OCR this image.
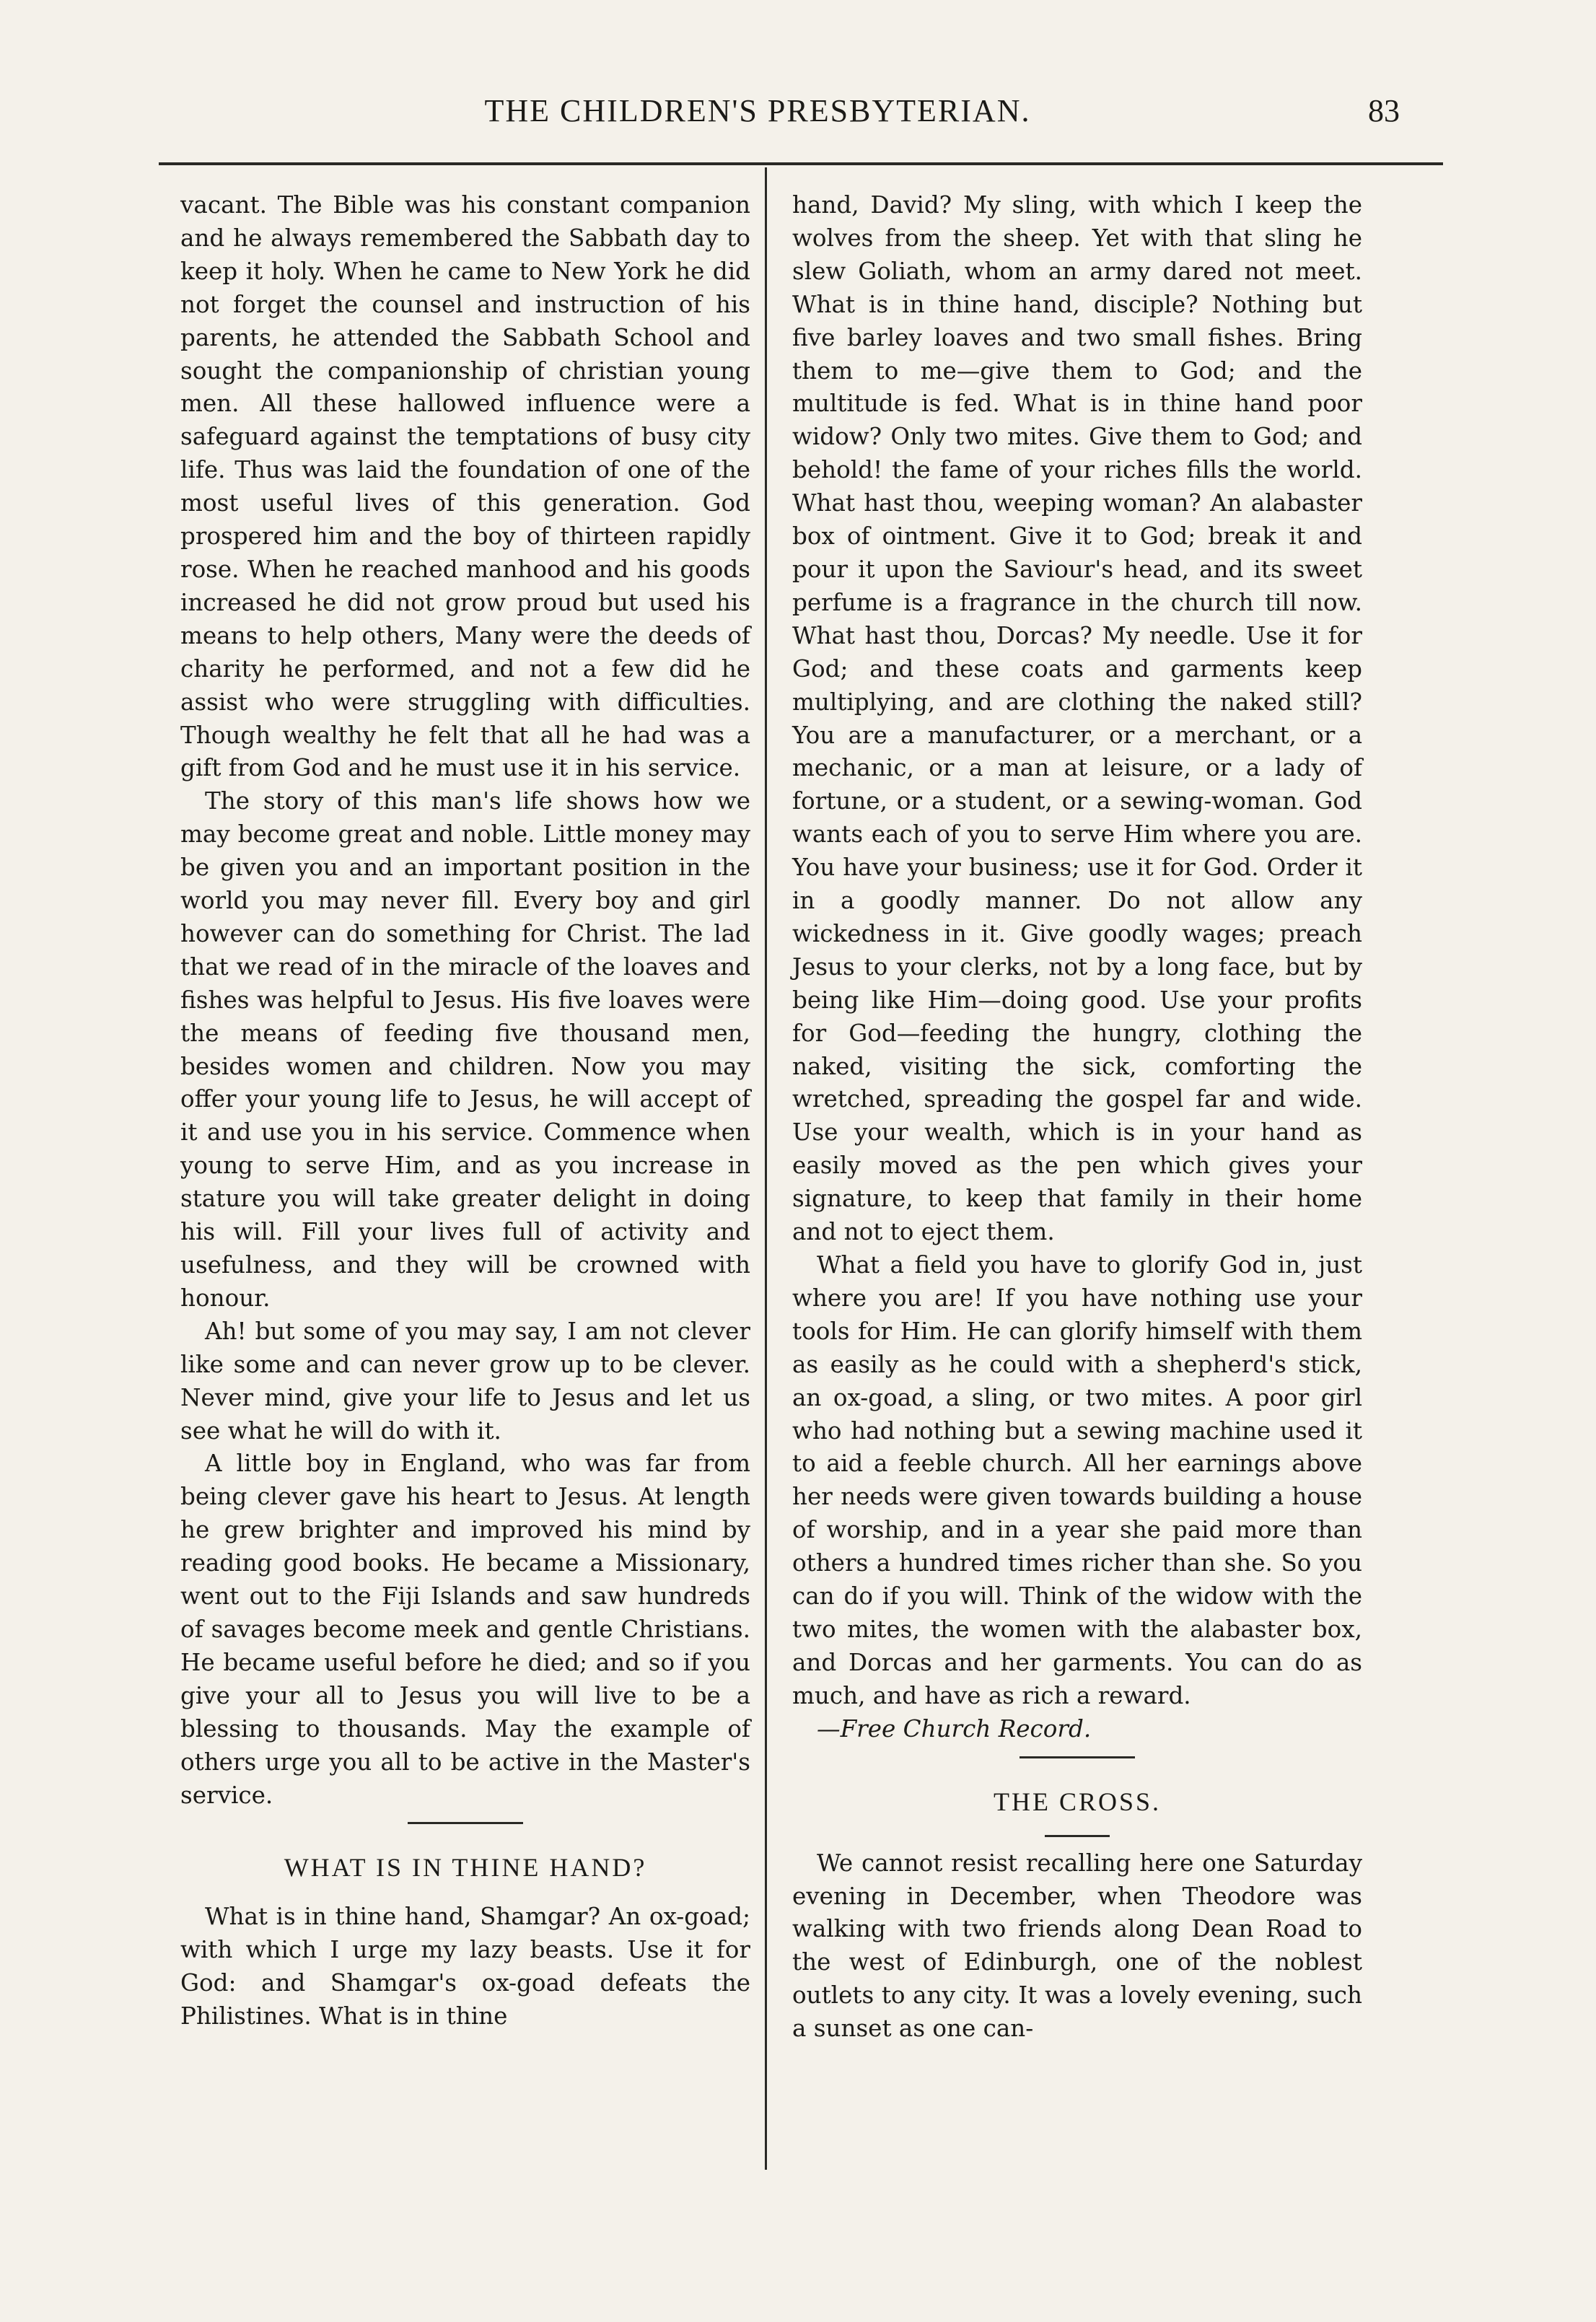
THE CHILDREN'S PRESBYTERIAN.	83

vacant. The Bible was his constant companion and he always remembered the Sabbath day to keep it holy. When he came to New York he did not forget the counsel and instruction of his parents, he attended the Sabbath School and sought the companionship of christian young men. All these hallowed influence were a safeguard against the temptations of busy city life. Thus was laid the foundation of one of the most useful lives of this generation. God prospered him and the boy of thirteen rapidly rose. When he reached manhood and his goods increased he did not grow proud but used his means to help others, Many were the deeds of charity he performed, and not a few did he assist who were struggling with difficulties. Though wealthy he felt that all he had was a gift from God and he must use it in his service.

The story of this man's life shows how we may become great and noble. Little money may be given you and an important position in the world you may never fill. Every boy and girl however can do something for Christ. The lad that we read of in the miracle of the loaves and fishes was helpful to Jesus. His five loaves were the means of feeding five thousand men, besides women and children. Now you may offer your young life to Jesus, he will accept of it and use you in his service. Commence when young to serve Him, and as you increase in stature you will take greater delight in doing his will. Fill your lives full of activity and usefulness, and they will be crowned with honour.

Ah! but some of you may say, I am not clever like some and can never grow up to be clever. Never mind, give your life to Jesus and let us see what he will do with it.

A little boy in England, who was far from being clever gave his heart to Jesus. At length he grew brighter and improved his mind by reading good books. He became a Missionary, went out to the Fiji Islands and saw hundreds of savages become meek and gentle Christians. He became useful before he died; and so if you give your all to Jesus you will live to be a blessing to thousands. May the example of others urge you all to be active in the Master's service.

WHAT IS IN THINE HAND?

What is in thine hand, Shamgar? An ox-goad; with which I urge my lazy beasts. Use it for God: and Shamgar's ox-goad defeats the Philistines. What is in thine

hand, David? My sling, with which I keep the wolves from the sheep. Yet with that sling he slew Goliath, whom an army dared not meet. What is in thine hand, disciple? Nothing but five barley loaves and two small fishes. Bring them to me—give them to God; and the multitude is fed. What is in thine hand poor widow? Only two mites. Give them to God; and behold! the fame of your riches fills the world. What hast thou, weeping woman? An alabaster box of ointment. Give it to God; break it and pour it upon the Saviour's head, and its sweet perfume is a fragrance in the church till now. What hast thou, Dorcas? My needle. Use it for God; and these coats and garments keep multiplying, and are clothing the naked still? You are a manufacturer, or a merchant, or a mechanic, or a man at leisure, or a lady of fortune, or a student, or a sewing-woman. God wants each of you to serve Him where you are. You have your business; use it for God. Order it in a goodly manner. Do not allow any wickedness in it. Give goodly wages; preach Jesus to your clerks, not by a long face, but by being like Him—doing good. Use your profits for God—feeding the hungry, clothing the naked, visiting the sick, comforting the wretched, spreading the gospel far and wide. Use your wealth, which is in your hand as easily moved as the pen which gives your signature, to keep that family in their home and not to eject them.

What a field you have to glorify God in, just where you are! If you have nothing use your tools for Him. He can glorify himself with them as easily as he could with a shepherd's stick, an ox-goad, a sling, or two mites. A poor girl who had nothing but a sewing machine used it to aid a feeble church. All her earnings above her needs were given towards building a house of worship, and in a year she paid more than others a hundred times richer than she. So you can do if you will. Think of the widow with the two mites, the women with the alabaster box, and Dorcas and her garments. You can do as much, and have as rich a reward.

—Free Church Record.

THE CROSS.

We cannot resist recalling here one Saturday evening in December, when Theodore was walking with two friends along Dean Road to the west of Edinburgh, one of the noblest outlets to any city. It was a lovely evening, such a sunset as one can-
